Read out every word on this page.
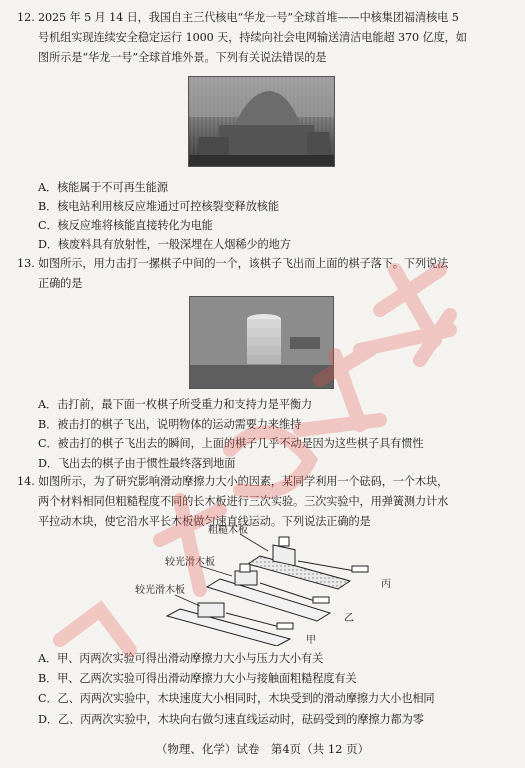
12. 2025 年 5 月 14 日，我国自主三代核电“华龙一号”全球首堆——中核集团福清核电 5
号机组实现连续安全稳定运行 1000 天，持续向社会电网输送清洁电能超 370 亿度，如
图所示是“华龙一号”全球首堆外景。下列有关说法错误的是
A．核能属于不可再生能源
B．核电站利用核反应堆通过可控核裂变释放核能
C．核反应堆将核能直接转化为电能
D．核废料具有放射性，一般深埋在人烟稀少的地方
13. 如图所示，用力击打一摞棋子中间的一个，该棋子飞出而上面的棋子落下。下列说法
正确的是
A．击打前，最下面一枚棋子所受重力和支持力是平衡力
B．被击打的棋子飞出，说明物体的运动需要力来维持
C．被击打的棋子飞出去的瞬间，上面的棋子几乎不动是因为这些棋子具有惯性
D．飞出去的棋子由于惯性最终落到地面
14. 如图所示，为了研究影响滑动摩擦力大小的因素，某同学利用一个砝码，一个木块，
两个材料相同但粗糙程度不同的长木板进行三次实验。三次实验中，用弹簧测力计水
平拉动木块，使它沿水平长木板做匀速直线运动。下列说法正确的是
粗糙木板
丙
较光滑木板
乙
较光滑木板
甲
A．甲、丙两次实验可得出滑动摩擦力大小与压力大小有关
B．甲、乙两次实验可得出滑动摩擦力大小与接触面粗糙程度有关
C．乙、丙两次实验中，木块速度大小相同时，木块受到的滑动摩擦力大小也相同
D．乙、丙两次实验中，木块向右做匀速直线运动时，砝码受到的摩擦力都为零
（物理、化学）试卷　第4页（共 12 页）
